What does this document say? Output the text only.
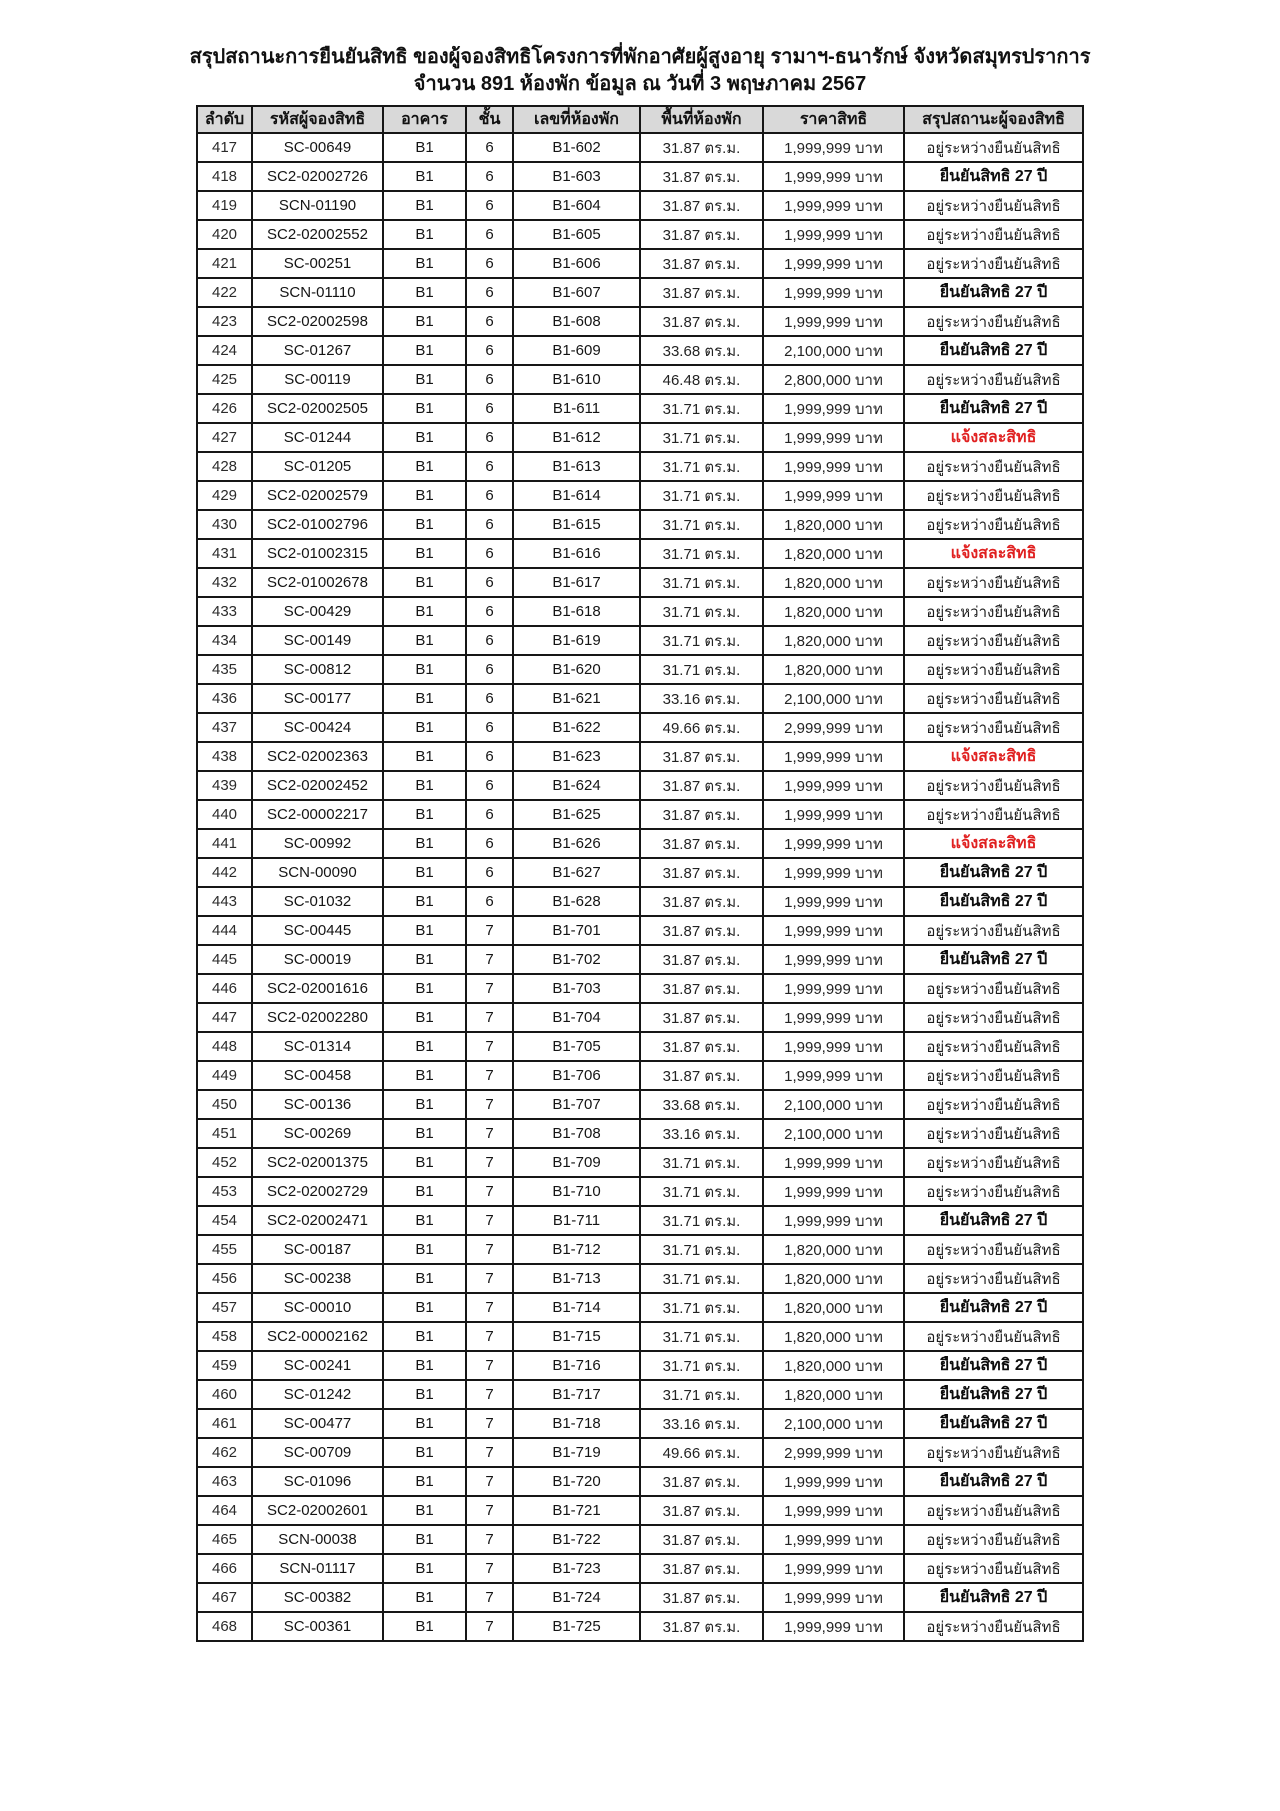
สรุปสถานะการยืนยันสิทธิ ของผู้จองสิทธิโครงการที่พักอาศัยผู้สูงอายุ รามาฯ-ธนารักษ์ จังหวัดสมุทรปราการ
จำนวน 891 ห้องพัก ข้อมูล ณ วันที่ 3 พฤษภาคม 2567
ลำดับ	รหัสผู้จองสิทธิ	อาคาร	ชั้น	เลขที่ห้องพัก	พื้นที่ห้องพัก	ราคาสิทธิ	สรุปสถานะผู้จองสิทธิ
417	SC-00649	B1	6	B1-602	31.87 ตร.ม.	1,999,999 บาท	อยู่ระหว่างยืนยันสิทธิ
418	SC2-02002726	B1	6	B1-603	31.87 ตร.ม.	1,999,999 บาท	ยืนยันสิทธิ 27 ปี
419	SCN-01190	B1	6	B1-604	31.87 ตร.ม.	1,999,999 บาท	อยู่ระหว่างยืนยันสิทธิ
420	SC2-02002552	B1	6	B1-605	31.87 ตร.ม.	1,999,999 บาท	อยู่ระหว่างยืนยันสิทธิ
421	SC-00251	B1	6	B1-606	31.87 ตร.ม.	1,999,999 บาท	อยู่ระหว่างยืนยันสิทธิ
422	SCN-01110	B1	6	B1-607	31.87 ตร.ม.	1,999,999 บาท	ยืนยันสิทธิ 27 ปี
423	SC2-02002598	B1	6	B1-608	31.87 ตร.ม.	1,999,999 บาท	อยู่ระหว่างยืนยันสิทธิ
424	SC-01267	B1	6	B1-609	33.68 ตร.ม.	2,100,000 บาท	ยืนยันสิทธิ 27 ปี
425	SC-00119	B1	6	B1-610	46.48 ตร.ม.	2,800,000 บาท	อยู่ระหว่างยืนยันสิทธิ
426	SC2-02002505	B1	6	B1-611	31.71 ตร.ม.	1,999,999 บาท	ยืนยันสิทธิ 27 ปี
427	SC-01244	B1	6	B1-612	31.71 ตร.ม.	1,999,999 บาท	แจ้งสละสิทธิ
428	SC-01205	B1	6	B1-613	31.71 ตร.ม.	1,999,999 บาท	อยู่ระหว่างยืนยันสิทธิ
429	SC2-02002579	B1	6	B1-614	31.71 ตร.ม.	1,999,999 บาท	อยู่ระหว่างยืนยันสิทธิ
430	SC2-01002796	B1	6	B1-615	31.71 ตร.ม.	1,820,000 บาท	อยู่ระหว่างยืนยันสิทธิ
431	SC2-01002315	B1	6	B1-616	31.71 ตร.ม.	1,820,000 บาท	แจ้งสละสิทธิ
432	SC2-01002678	B1	6	B1-617	31.71 ตร.ม.	1,820,000 บาท	อยู่ระหว่างยืนยันสิทธิ
433	SC-00429	B1	6	B1-618	31.71 ตร.ม.	1,820,000 บาท	อยู่ระหว่างยืนยันสิทธิ
434	SC-00149	B1	6	B1-619	31.71 ตร.ม.	1,820,000 บาท	อยู่ระหว่างยืนยันสิทธิ
435	SC-00812	B1	6	B1-620	31.71 ตร.ม.	1,820,000 บาท	อยู่ระหว่างยืนยันสิทธิ
436	SC-00177	B1	6	B1-621	33.16 ตร.ม.	2,100,000 บาท	อยู่ระหว่างยืนยันสิทธิ
437	SC-00424	B1	6	B1-622	49.66 ตร.ม.	2,999,999 บาท	อยู่ระหว่างยืนยันสิทธิ
438	SC2-02002363	B1	6	B1-623	31.87 ตร.ม.	1,999,999 บาท	แจ้งสละสิทธิ
439	SC2-02002452	B1	6	B1-624	31.87 ตร.ม.	1,999,999 บาท	อยู่ระหว่างยืนยันสิทธิ
440	SC2-00002217	B1	6	B1-625	31.87 ตร.ม.	1,999,999 บาท	อยู่ระหว่างยืนยันสิทธิ
441	SC-00992	B1	6	B1-626	31.87 ตร.ม.	1,999,999 บาท	แจ้งสละสิทธิ
442	SCN-00090	B1	6	B1-627	31.87 ตร.ม.	1,999,999 บาท	ยืนยันสิทธิ 27 ปี
443	SC-01032	B1	6	B1-628	31.87 ตร.ม.	1,999,999 บาท	ยืนยันสิทธิ 27 ปี
444	SC-00445	B1	7	B1-701	31.87 ตร.ม.	1,999,999 บาท	อยู่ระหว่างยืนยันสิทธิ
445	SC-00019	B1	7	B1-702	31.87 ตร.ม.	1,999,999 บาท	ยืนยันสิทธิ 27 ปี
446	SC2-02001616	B1	7	B1-703	31.87 ตร.ม.	1,999,999 บาท	อยู่ระหว่างยืนยันสิทธิ
447	SC2-02002280	B1	7	B1-704	31.87 ตร.ม.	1,999,999 บาท	อยู่ระหว่างยืนยันสิทธิ
448	SC-01314	B1	7	B1-705	31.87 ตร.ม.	1,999,999 บาท	อยู่ระหว่างยืนยันสิทธิ
449	SC-00458	B1	7	B1-706	31.87 ตร.ม.	1,999,999 บาท	อยู่ระหว่างยืนยันสิทธิ
450	SC-00136	B1	7	B1-707	33.68 ตร.ม.	2,100,000 บาท	อยู่ระหว่างยืนยันสิทธิ
451	SC-00269	B1	7	B1-708	33.16 ตร.ม.	2,100,000 บาท	อยู่ระหว่างยืนยันสิทธิ
452	SC2-02001375	B1	7	B1-709	31.71 ตร.ม.	1,999,999 บาท	อยู่ระหว่างยืนยันสิทธิ
453	SC2-02002729	B1	7	B1-710	31.71 ตร.ม.	1,999,999 บาท	อยู่ระหว่างยืนยันสิทธิ
454	SC2-02002471	B1	7	B1-711	31.71 ตร.ม.	1,999,999 บาท	ยืนยันสิทธิ 27 ปี
455	SC-00187	B1	7	B1-712	31.71 ตร.ม.	1,820,000 บาท	อยู่ระหว่างยืนยันสิทธิ
456	SC-00238	B1	7	B1-713	31.71 ตร.ม.	1,820,000 บาท	อยู่ระหว่างยืนยันสิทธิ
457	SC-00010	B1	7	B1-714	31.71 ตร.ม.	1,820,000 บาท	ยืนยันสิทธิ 27 ปี
458	SC2-00002162	B1	7	B1-715	31.71 ตร.ม.	1,820,000 บาท	อยู่ระหว่างยืนยันสิทธิ
459	SC-00241	B1	7	B1-716	31.71 ตร.ม.	1,820,000 บาท	ยืนยันสิทธิ 27 ปี
460	SC-01242	B1	7	B1-717	31.71 ตร.ม.	1,820,000 บาท	ยืนยันสิทธิ 27 ปี
461	SC-00477	B1	7	B1-718	33.16 ตร.ม.	2,100,000 บาท	ยืนยันสิทธิ 27 ปี
462	SC-00709	B1	7	B1-719	49.66 ตร.ม.	2,999,999 บาท	อยู่ระหว่างยืนยันสิทธิ
463	SC-01096	B1	7	B1-720	31.87 ตร.ม.	1,999,999 บาท	ยืนยันสิทธิ 27 ปี
464	SC2-02002601	B1	7	B1-721	31.87 ตร.ม.	1,999,999 บาท	อยู่ระหว่างยืนยันสิทธิ
465	SCN-00038	B1	7	B1-722	31.87 ตร.ม.	1,999,999 บาท	อยู่ระหว่างยืนยันสิทธิ
466	SCN-01117	B1	7	B1-723	31.87 ตร.ม.	1,999,999 บาท	อยู่ระหว่างยืนยันสิทธิ
467	SC-00382	B1	7	B1-724	31.87 ตร.ม.	1,999,999 บาท	ยืนยันสิทธิ 27 ปี
468	SC-00361	B1	7	B1-725	31.87 ตร.ม.	1,999,999 บาท	อยู่ระหว่างยืนยันสิทธิ
